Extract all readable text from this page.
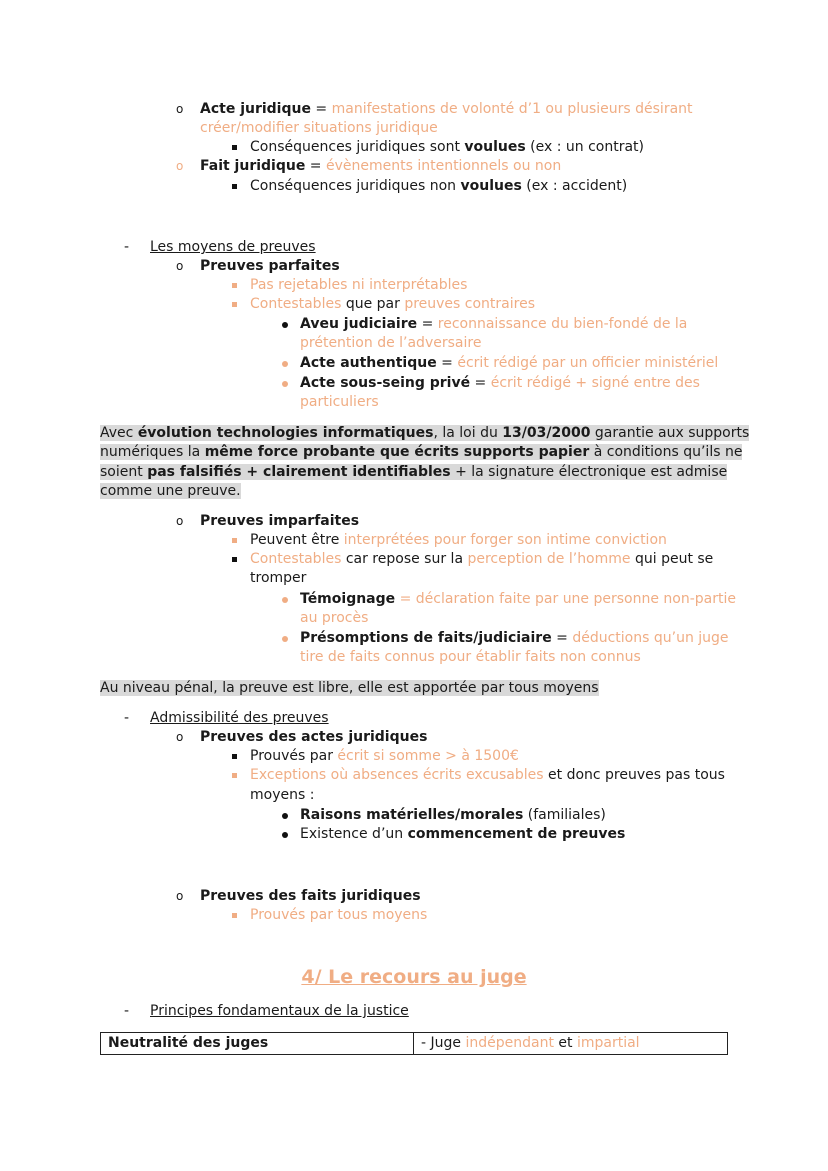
o Acte juridique = manifestations de volonté d’1 ou plusieurs désirant
créer/modifier situations juridique
Conséquences juridiques sont voulues (ex : un contrat)
o Fait juridique = évènements intentionnels ou non
Conséquences juridiques non voulues (ex : accident)
- Les moyens de preuves
o Preuves parfaites
Pas rejetables ni interprétables
Contestables que par preuves contraires
Aveu judiciaire = reconnaissance du bien-fondé de la
prétention de l’adversaire
Acte authentique = écrit rédigé par un officier ministériel
Acte sous-seing privé = écrit rédigé + signé entre des
particuliers
Avec évolution technologies informatiques, la loi du 13/03/2000 garantie aux supports
numériques la même force probante que écrits supports papier à conditions qu’ils ne
soient pas falsifiés + clairement identifiables + la signature électronique est admise
comme une preuve.
o Preuves imparfaites
Peuvent être interprétées pour forger son intime conviction
Contestables car repose sur la perception de l’homme qui peut se
tromper
Témoignage = déclaration faite par une personne non-partie
au procès
Présomptions de faits/judiciaire = déductions qu’un juge
tire de faits connus pour établir faits non connus
Au niveau pénal, la preuve est libre, elle est apportée par tous moyens
- Admissibilité des preuves
o Preuves des actes juridiques
Prouvés par écrit si somme > à 1500€
Exceptions où absences écrits excusables et donc preuves pas tous
moyens :
Raisons matérielles/morales (familiales)
Existence d’un commencement de preuves
o Preuves des faits juridiques
Prouvés par tous moyens
4/ Le recours au juge
- Principes fondamentaux de la justice
Neutralité des juges	- Juge indépendant et impartial
